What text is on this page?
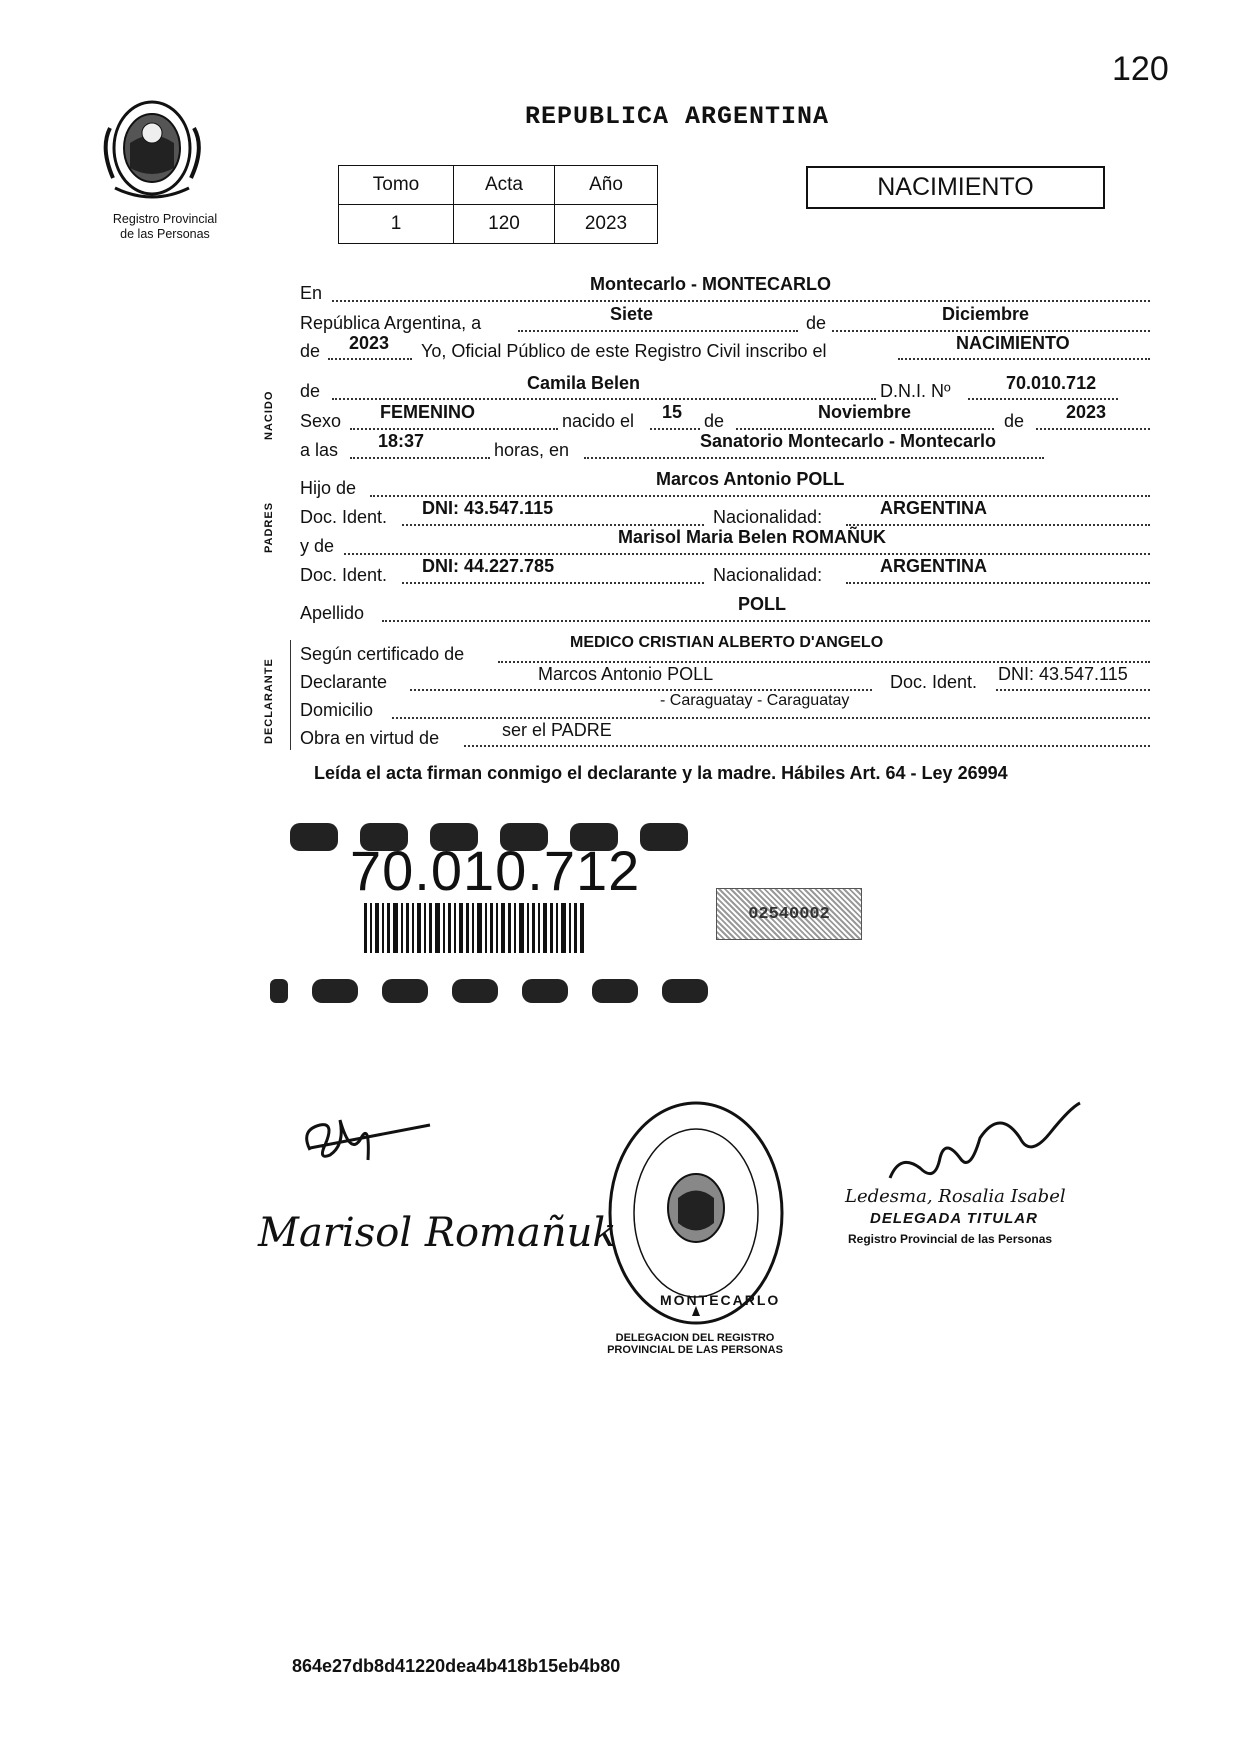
120
Registro Provincial
de las Personas
REPUBLICA ARGENTINA
Tomo	Acta	Año
1	120	2023
NACIMIENTO
NACIDO
PADRES
DECLARANTE
En	Montecarlo - MONTECARLO
República Argentina, a	Siete	de	Diciembre
de 2023 Yo, Oficial Público de este Registro Civil inscribo el	NACIMIENTO
de	Camila Belen	D.N.I. Nº	70.010.712
Sexo FEMENINO	nacido el 15 de	Noviembre	de 2023
a las 18:37	horas, en	Sanatorio Montecarlo - Montecarlo
Hijo de	Marcos Antonio POLL
Doc. Ident. DNI: 43.547.115	Nacionalidad:	ARGENTINA
y de	Marisol Maria Belen ROMAÑUK
Doc. Ident. DNI: 44.227.785	Nacionalidad:	ARGENTINA
Apellido	POLL
Según certificado de
MEDICO CRISTIAN ALBERTO D'ANGELO
Declarante	Marcos Antonio POLL	Doc. Ident. DNI: 43.547.115
Domicilio	- Caraguatay - Caraguatay
Obra en virtud de	ser el PADRE
Leída el acta firman conmigo el declarante y la madre. Hábiles Art. 64 - Ley 26994
70.010.712
02540002
Marisol Romañuk
DELEGACION DEL REGISTRO PROVINCIAL DE LAS PERSONAS
MONTECARLO
Ledesma, Rosalia Isabel
DELEGADA TITULAR
Registro Provincial de las Personas
864e27db8d41220dea4b418b15eb4b80
